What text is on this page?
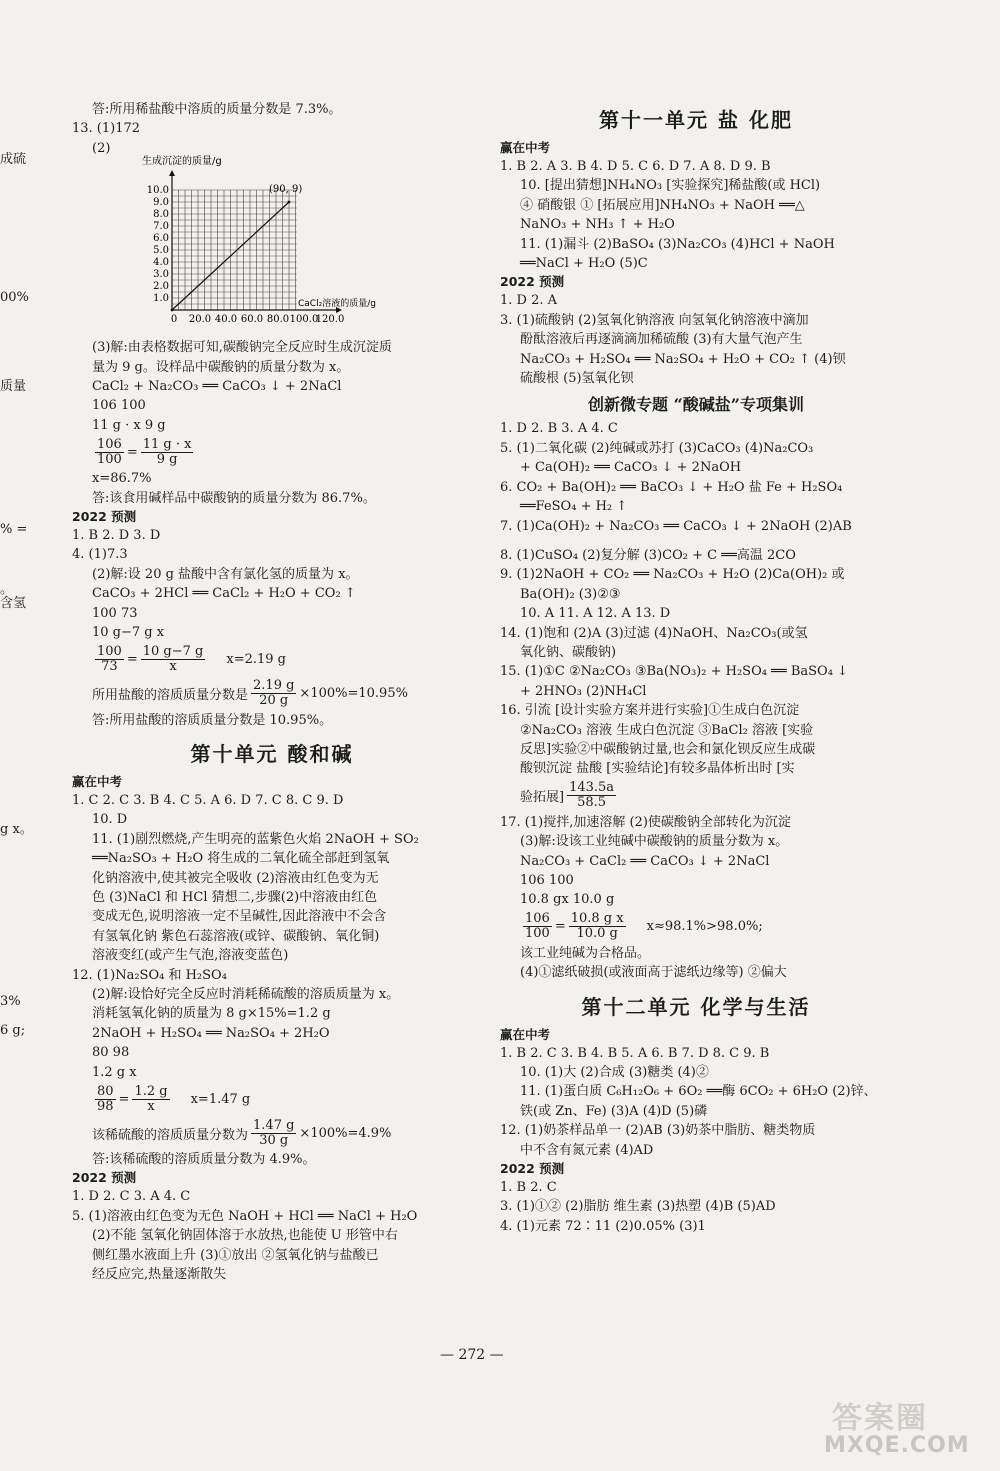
成硫
00%
质量
% =
。
含氢
g x。
3%
6 g;
答:所用稀盐酸中溶质的质量分数是 7.3%。
13. (1)172
(2)
1.0
2.0
3.0
4.0
5.0
6.0
7.0
8.0
9.0
10.0
0 20.0 40.0 60.0 80.0 100.0
120.0
生成沉淀的质量/g
CaCl₂溶液的质量/g
(90, 9)
(3)解:由表格数据可知,碳酸钠完全反应时生成沉淀质
量为 9 g。设样品中碳酸钠的质量分数为 x。
CaCl₂ + Na₂CO₃ ══ CaCO₃ ↓ + 2NaCl
106 100
11 g · x 9 g
$\frac{106}{100} = \frac{11 g \cdot x}{9 g}$
x=86.7%
答:该食用碱样品中碳酸钠的质量分数为 86.7%。
2022 预测
1. B 2. D 3. D
4. (1)7.3
(2)解:设 20 g 盐酸中含有氯化氢的质量为 x。
CaCO₃ + 2HCl ══ CaCl₂ + H₂O + CO₂ ↑
100 73
10 g−7 g x
$\frac{100}{73} = \frac{10 g-7 g}{x} x=2.19$ g
所用盐酸的溶质质量分数是 $\frac{2.19 g}{20 g} \times 100\%=10.95\%$
答:所用盐酸的溶质质量分数是 10.95%。
第十单元 酸和碱
赢在中考
1. C 2. C 3. B 4. C 5. A 6. D 7. C 8. C 9. D
10. D
11. (1)剧烈燃烧,产生明亮的蓝紫色火焰 2NaOH + SO₂
══Na₂SO₃ + H₂O 将生成的二氧化硫全部赶到氢氧
化钠溶液中,使其被完全吸收 (2)溶液由红色变为无
色 (3)NaCl 和 HCl 猜想二,步骤(2)中溶液由红色
变成无色,说明溶液一定不呈碱性,因此溶液中不会含
有氢氧化钠 紫色石蕊溶液(或锌、碳酸钠、氧化铜)
溶液变红(或产生气泡,溶液变蓝色)
12. (1)Na₂SO₄ 和 H₂SO₄
(2)解:设恰好完全反应时消耗稀硫酸的溶质质量为 x。
消耗氢氧化钠的质量为 8 g×15%=1.2 g
2NaOH + H₂SO₄ ══ Na₂SO₄ + 2H₂O
80 98
1.2 g x
$\frac{80}{98} = \frac{1.2 g}{x} x=1.47$ g
该稀硫酸的溶质质量分数为 $\frac{1.47 g}{30 g} \times 100\%=4.9\%$
答:该稀硫酸的溶质质量分数为 4.9%。
2022 预测
1. D 2. C 3. A 4. C
5. (1)溶液由红色变为无色 NaOH + HCl ══ NaCl + H₂O
(2)不能 氢氧化钠固体溶于水放热,也能使 U 形管中右
侧红墨水液面上升 (3)①放出 ②氢氧化钠与盐酸已
经反应完,热量逐渐散失
第十一单元 盐 化肥
赢在中考
1. B 2. A 3. B 4. D 5. C 6. D 7. A 8. D 9. B
10. [提出猜想]NH₄NO₃ [实验探究]稀盐酸(或 HCl)
④ 硝酸银 ① [拓展应用]NH₄NO₃ + NaOH ══△
NaNO₃ + NH₃ ↑ + H₂O
11. (1)漏斗 (2)BaSO₄ (3)Na₂CO₃ (4)HCl + NaOH
══NaCl + H₂O (5)C
2022 预测
1. D 2. A
3. (1)硫酸钠 (2)氢氧化钠溶液 向氢氧化钠溶液中滴加
酚酞溶液后再逐滴滴加稀硫酸 (3)有大量气泡产生
Na₂CO₃ + H₂SO₄ ══ Na₂SO₄ + H₂O + CO₂ ↑ (4)钡
硫酸根 (5)氢氧化钡
创新微专题 “酸碱盐”专项集训
1. D 2. B 3. A 4. C
5. (1)二氧化碳 (2)纯碱或苏打 (3)CaCO₃ (4)Na₂CO₃
+ Ca(OH)₂ ══ CaCO₃ ↓ + 2NaOH
6. CO₂ + Ba(OH)₂ ══ BaCO₃ ↓ + H₂O 盐 Fe + H₂SO₄
══FeSO₄ + H₂ ↑
7. (1)Ca(OH)₂ + Na₂CO₃ ══ CaCO₃ ↓ + 2NaOH (2)AB
8. (1)CuSO₄ (2)复分解 (3)CO₂ + C ══高温 2CO
9. (1)2NaOH + CO₂ ══ Na₂CO₃ + H₂O (2)Ca(OH)₂ 或
Ba(OH)₂ (3)②③
10. A 11. A 12. A 13. D
14. (1)饱和 (2)A (3)过滤 (4)NaOH、Na₂CO₃(或氢
氧化钠、碳酸钠)
15. (1)①C ②Na₂CO₃ ③Ba(NO₃)₂ + H₂SO₄ ══ BaSO₄ ↓
+ 2HNO₃ (2)NH₄Cl
16. 引流 [设计实验方案并进行实验]①生成白色沉淀
②Na₂CO₃ 溶液 生成白色沉淀 ③BaCl₂ 溶液 [实验
反思]实验②中碳酸钠过量,也会和氯化钡反应生成碳
酸钡沉淀 盐酸 [实验结论]有较多晶体析出时 [实
验拓展] $\frac{143.5a}{58.5}$
17. (1)搅拌,加速溶解 (2)使碳酸钠全部转化为沉淀
(3)解:设该工业纯碱中碳酸钠的质量分数为 x。
Na₂CO₃ + CaCl₂ ══ CaCO₃ ↓ + 2NaCl
106 100
10.8 gx 10.0 g
$\frac{106}{100} = \frac{\text{10.8 g x}}{10.0 g} x\approx 98.1\%>98.0\%$;
该工业纯碱为合格品。
(4)①滤纸破损(或液面高于滤纸边缘等) ②偏大
第十二单元 化学与生活
赢在中考
1. B 2. C 3. B 4. B 5. A 6. B 7. D 8. C 9. B
10. (1)大 (2)合成 (3)糖类 (4)②
11. (1)蛋白质 C₆H₁₂O₆ + 6O₂ ══酶 6CO₂ + 6H₂O (2)锌、
铁(或 Zn、Fe) (3)A (4)D (5)磷
12. (1)奶茶样品单一 (2)AB (3)奶茶中脂肪、糖类物质
中不含有氮元素 (4)AD
2022 预测
1. B 2. C
3. (1)①② (2)脂肪 维生素 (3)热塑 (4)B (5)AD
4. (1)元素 72∶11 (2)0.05% (3)1
— 272 —
答案圈
MXQE.COM
